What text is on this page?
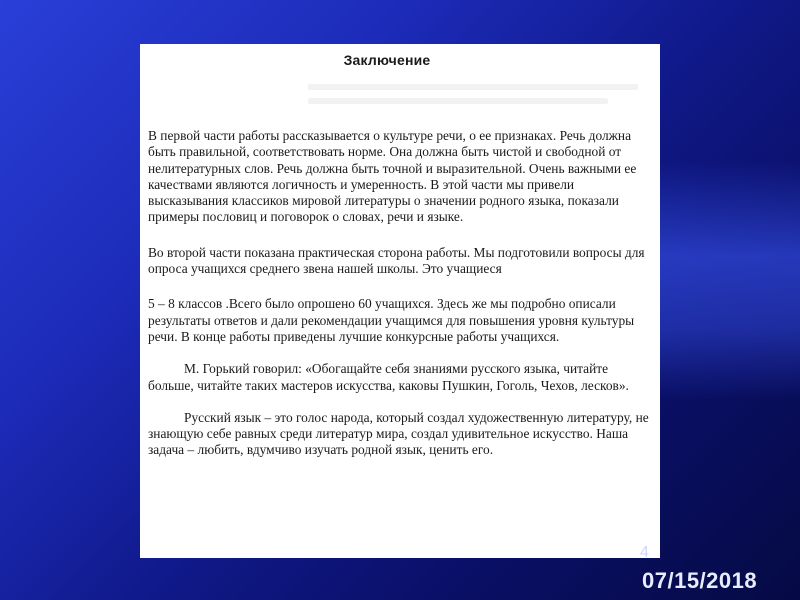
Заключение

В первой части работы рассказывается о культуре речи, о ее признаках. Речь должна быть правильной, соответствовать норме. Она должна быть чистой и свободной от нелитературных слов. Речь должна быть точной и выразительной. Очень важными ее качествами являются логичность и умеренность. В этой части мы привели высказывания классиков мировой литературы о значении родного языка, показали примеры пословиц и поговорок о словах, речи и языке.

Во второй части показана практическая сторона работы. Мы подготовили вопросы для опроса учащихся среднего звена нашей школы. Это учащиеся

5 – 8 классов .Всего было опрошено 60 учащихся. Здесь же мы подробно описали результаты ответов и дали рекомендации учащимся для повышения уровня культуры речи. В конце работы приведены лучшие конкурсные работы учащихся.

М. Горький говорил: «Обогащайте себя знаниями русского языка, читайте больше, читайте таких мастеров искусства, каковы Пушкин, Гоголь, Чехов, лесков».

Русский язык – это голос народа, который создал художественную литературу, не знающую себе равных среди литератур мира, создал удивительное искусство. Наша задача – любить, вдумчиво изучать родной язык, ценить его.

4
07/15/2018
